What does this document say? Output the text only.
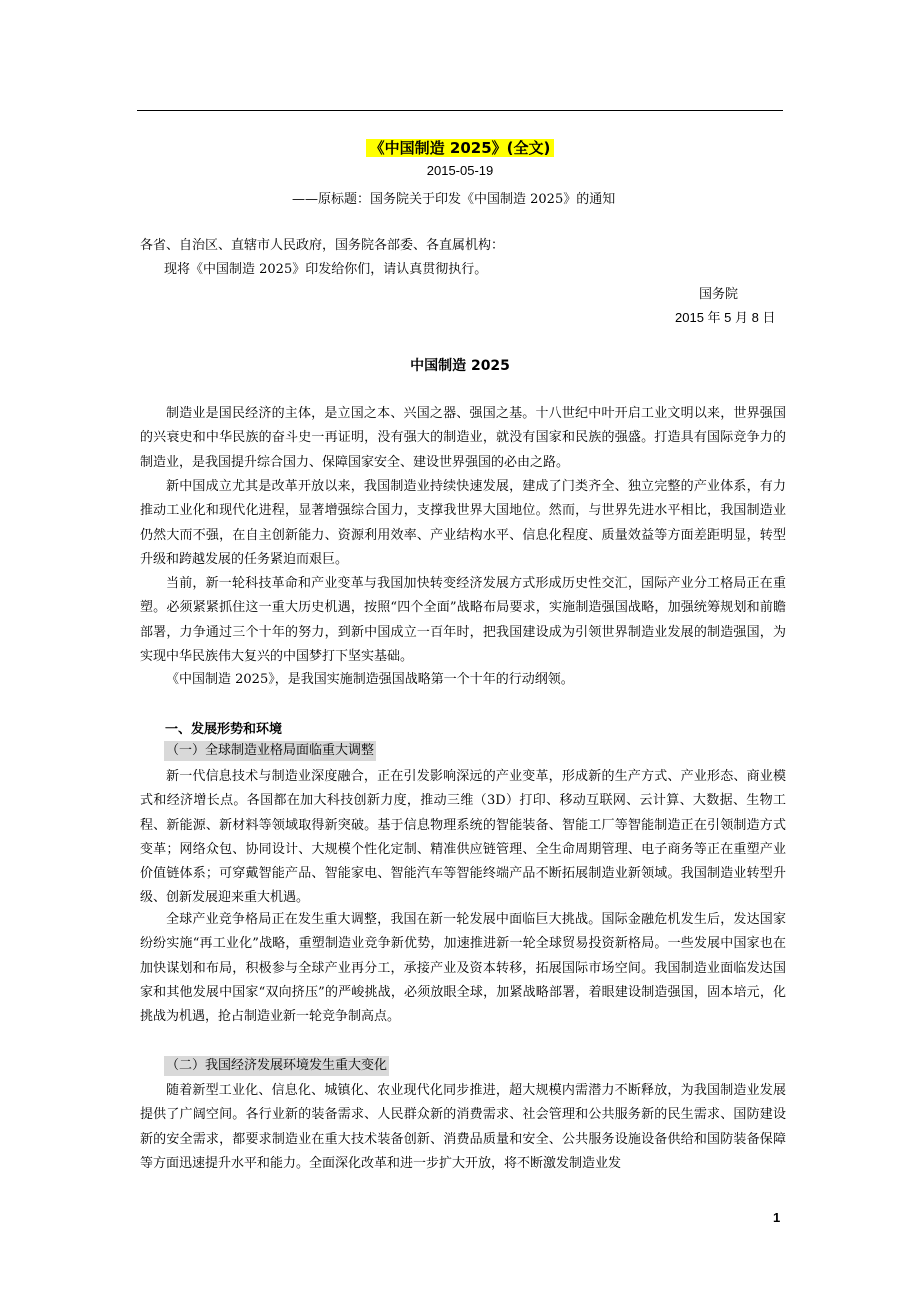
《中国制造 2025》(全文)
2015-05-19
——原标题：国务院关于印发《中国制造 2025》的通知
各省、自治区、直辖市人民政府，国务院各部委、各直属机构：
现将《中国制造 2025》印发给你们，请认真贯彻执行。
国务院
2015 年 5 月 8 日
中国制造 2025

制造业是国民经济的主体，是立国之本、兴国之器、强国之基。十八世纪中叶开启工业文明以来，世界强国的兴衰史和中华民族的奋斗史一再证明，没有强大的制造业，就没有国家和民族的强盛。打造具有国际竞争力的制造业，是我国提升综合国力、保障国家安全、建设世界强国的必由之路。

新中国成立尤其是改革开放以来，我国制造业持续快速发展，建成了门类齐全、独立完整的产业体系，有力推动工业化和现代化进程，显著增强综合国力，支撑我世界大国地位。然而，与世界先进水平相比，我国制造业仍然大而不强，在自主创新能力、资源利用效率、产业结构水平、信息化程度、质量效益等方面差距明显，转型升级和跨越发展的任务紧迫而艰巨。

当前，新一轮科技革命和产业变革与我国加快转变经济发展方式形成历史性交汇，国际产业分工格局正在重塑。必须紧紧抓住这一重大历史机遇，按照“四个全面”战略布局要求，实施制造强国战略，加强统筹规划和前瞻部署，力争通过三个十年的努力，到新中国成立一百年时，把我国建设成为引领世界制造业发展的制造强国，为实现中华民族伟大复兴的中国梦打下坚实基础。

《中国制造 2025》，是我国实施制造强国战略第一个十年的行动纲领。

一、发展形势和环境
（一）全球制造业格局面临重大调整

新一代信息技术与制造业深度融合，正在引发影响深远的产业变革，形成新的生产方式、产业形态、商业模式和经济增长点。各国都在加大科技创新力度，推动三维（3D）打印、移动互联网、云计算、大数据、生物工程、新能源、新材料等领域取得新突破。基于信息物理系统的智能装备、智能工厂等智能制造正在引领制造方式变革；网络众包、协同设计、大规模个性化定制、精准供应链管理、全生命周期管理、电子商务等正在重塑产业价值链体系；可穿戴智能产品、智能家电、智能汽车等智能终端产品不断拓展制造业新领域。我国制造业转型升级、创新发展迎来重大机遇。

全球产业竞争格局正在发生重大调整，我国在新一轮发展中面临巨大挑战。国际金融危机发生后，发达国家纷纷实施“再工业化”战略，重塑制造业竞争新优势，加速推进新一轮全球贸易投资新格局。一些发展中国家也在加快谋划和布局，积极参与全球产业再分工，承接产业及资本转移，拓展国际市场空间。我国制造业面临发达国家和其他发展中国家“双向挤压”的严峻挑战，必须放眼全球，加紧战略部署，着眼建设制造强国，固本培元，化挑战为机遇，抢占制造业新一轮竞争制高点。

（二）我国经济发展环境发生重大变化

随着新型工业化、信息化、城镇化、农业现代化同步推进，超大规模内需潜力不断释放，为我国制造业发展提供了广阔空间。各行业新的装备需求、人民群众新的消费需求、社会管理和公共服务新的民生需求、国防建设新的安全需求，都要求制造业在重大技术装备创新、消费品质量和安全、公共服务设施设备供给和国防装备保障等方面迅速提升水平和能力。全面深化改革和进一步扩大开放，将不断激发制造业发

1
